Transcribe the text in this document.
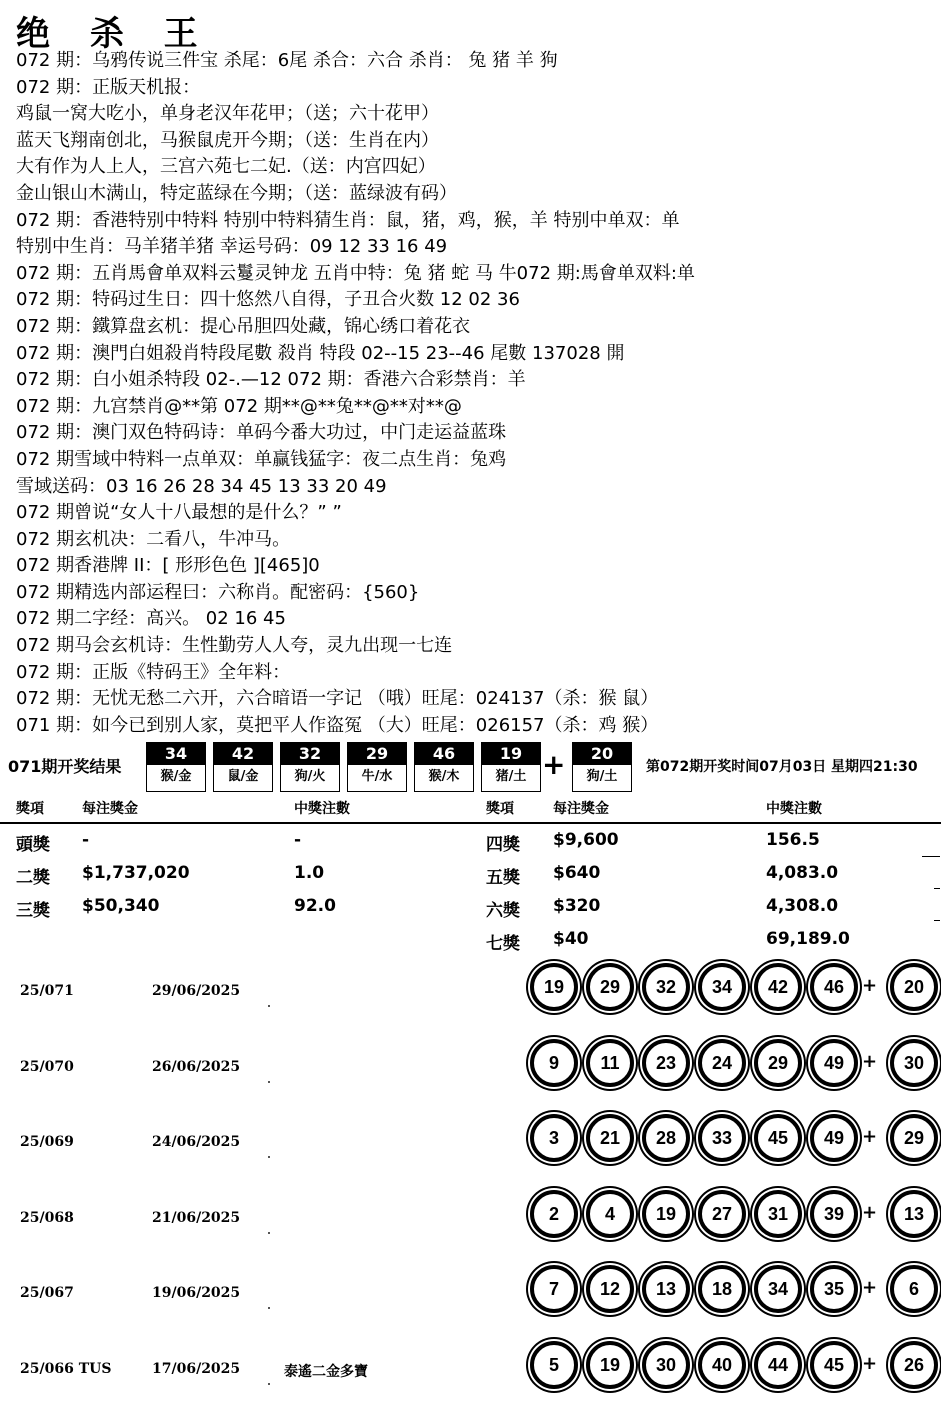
绝 杀 王
072 期：乌鸦传说三件宝 杀尾：6尾 杀合：六合 杀肖： 兔 猪 羊 狗
072 期：正版天机报：
鸡鼠一窝大吃小，单身老汉年花甲；（送；六十花甲）
蓝天飞翔南创北，马猴鼠虎开今期；（送：生肖在内）
大有作为人上人，三宫六苑七二妃.（送：内宫四妃）
金山银山木满山，特定蓝绿在今期；（送：蓝绿波有码）
072 期：香港特别中特料 特别中特料猜生肖：鼠，猪，鸡，猴，羊 特别中单双：单
特别中生肖：马羊猪羊猪 幸运号码：09 12 33 16 49
072 期：五肖馬會单双料云鬘灵钟龙 五肖中特：兔 猪 蛇 马 牛072 期:馬會单双料:单
072 期：特码过生日：四十悠然八自得，子丑合火数 12 02 36
072 期：鐵算盘玄机：提心吊胆四处藏，锦心绣口着花衣
072 期：澳門白姐殺肖特段尾數 殺肖 特段 02--15 23--46 尾數 137028 開
072 期：白小姐杀特段 02-.—12 072 期：香港六合彩禁肖：羊
072 期：九宫禁肖@**第 072 期**@**兔**@**对**@
072 期：澳门双色特码诗：单码今番大功过，中门走运益蓝珠
072 期雪域中特料一点单双：单赢钱猛字：夜二点生肖：兔鸡
雪域送码：03 16 26 28 34 45 13 33 20 49
072 期曾说“女人十八最想的是什么？” ”
072 期玄机决：二看八，牛冲马。
072 期香港牌 II：[ 形形色色 ][465]0
072 期精选内部运程曰：六称肖。配密码：{560}
072 期二字经：高兴。 02 16 45
072 期马会玄机诗：生性勤劳人人夸，灵九出现一七连
072 期：正版《特码王》全年料：
072 期：无忧无愁二六开，六合暗语一字记 （哦）旺尾：024137（杀：猴 鼠）
071 期：如今已到别人家，莫把平人作盗冤 （大）旺尾：026157（杀：鸡 猴）
071期开奖结果
34
猴/金
42
鼠/金
32
狗/火
29
牛/水
46
猴/木
19
猪/土 +	20
狗/土
第072期开奖时间07月03日 星期四21:30
獎項	每注獎金	中獎注數	獎項	每注獎金	中獎注數
頭獎 -	-
二獎 $1,737,020	1.0
三獎 $50,340	92.0
四獎 $9,600	156.5
五獎 $640	4,083.0
六獎 $320	4,308.0
七獎 $40	69,189.0
25/071	29/06/2025	19	29	32	34	42	46 +	20
25/070	26/06/2025	9	11	23	24	29	49 +	30
25/069	24/06/2025	3	21	28	33	45	49 +	29
25/068	21/06/2025	2	4	19	27	31	39 +	13
25/067	19/06/2025	7	12	13	18	34	35 +	6
25/066 TUS	17/06/2025	泰遙二金多寶	5	19	30	40	44	45 +	26
